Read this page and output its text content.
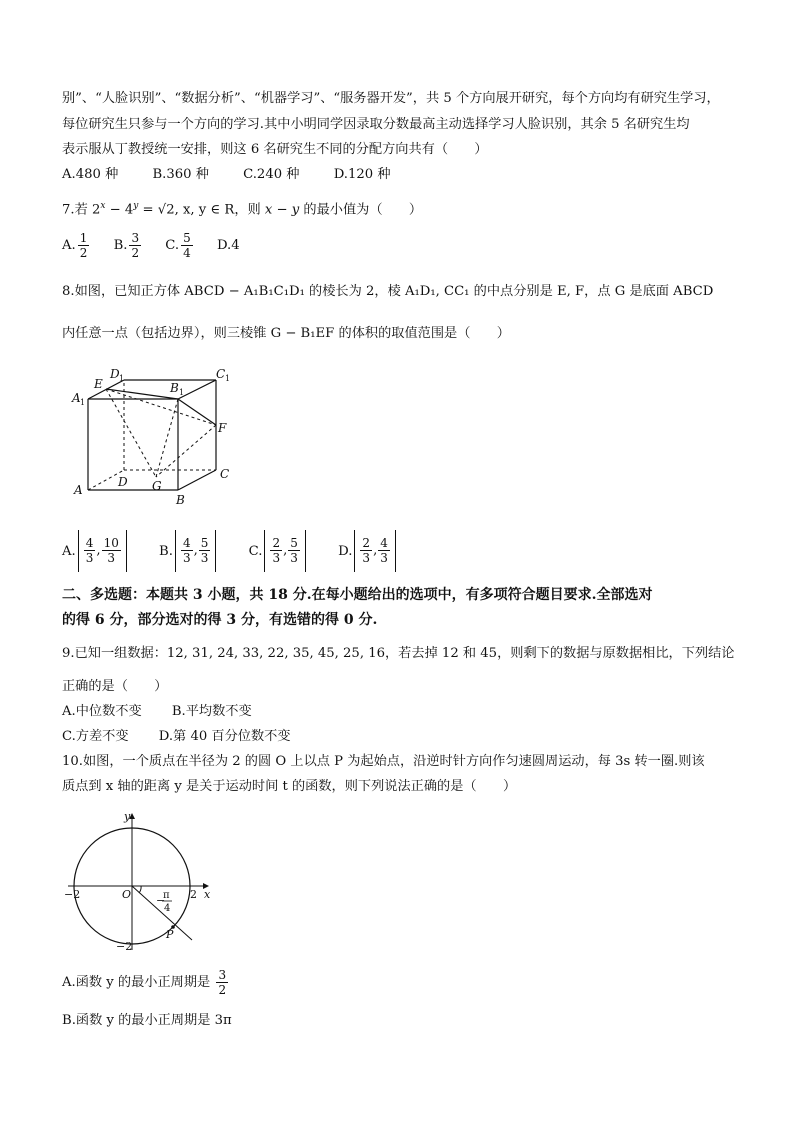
别”、“人脸识别”、“数据分析”、“机器学习”、“服务器开发”，共 5 个方向展开研究，每个方向均有研究生学习，
每位研究生只参与一个方向的学习.其中小明同学因录取分数最高主动选择学习人脸识别，其余 5 名研究生均
表示服从丁教授统一安排，则这 6 名研究生不同的分配方向共有（　　）
A.480 种	B.360 种	C.240 种	D.120 种
7.若 $2^x - 4^y = √2$, x, y ∈ R，则 x − y 的最小值为（　　）
A. $\frac{1}{2} B$. $\frac{3}{2} C$. $\frac{5}{4} D.4$
8.如图，已知正方体 ABCD − A₁B₁C₁D₁ 的棱长为 2，棱 A₁D₁, CC₁ 的中点分别是 E, F，点 G 是底面 ABCD
内任意一点（包括边界），则三棱锥 G − B₁EF 的体积的取值范围是（　　）
A
B
C
D
A 1
B 1
C 1
D 1
E
F
G
A. $\frac{4}{3}$ , $\frac{10}{3}$	B. $\frac{4}{3}$ , $\frac{5}{3}$	C. $\frac{2}{3}$ , $\frac{5}{3}$	D. $\frac{2}{3}$ , $\frac{4}{3}$
二、多选题：本题共 3 小题，共 18 分.在每小题给出的选项中，有多项符合题目要求.全部选对
的得 6 分，部分选对的得 3 分，有选错的得 0 分.
9.已知一组数据：12, 31, 24, 33, 22, 35, 45, 25, 16，若去掉 12 和 45，则剩下的数据与原数据相比，下列结论
正确的是（　　）
A.中位数不变 B.平均数不变
C.方差不变 D.第 40 百分位数不变
10.如图，一个质点在半径为 2 的圆 O 上以点 P 为起始点，沿逆时针方向作匀速圆周运动，每 3s 转一圈.则该
质点到 x 轴的距离 y 是关于运动时间 t 的函数，则下列说法正确的是（　　）
y
x
O
−2	2
−2
P
−
π
4
A.函数 y 的最小正周期是 $\frac{3}{2}$
B.函数 y 的最小正周期是 3π
